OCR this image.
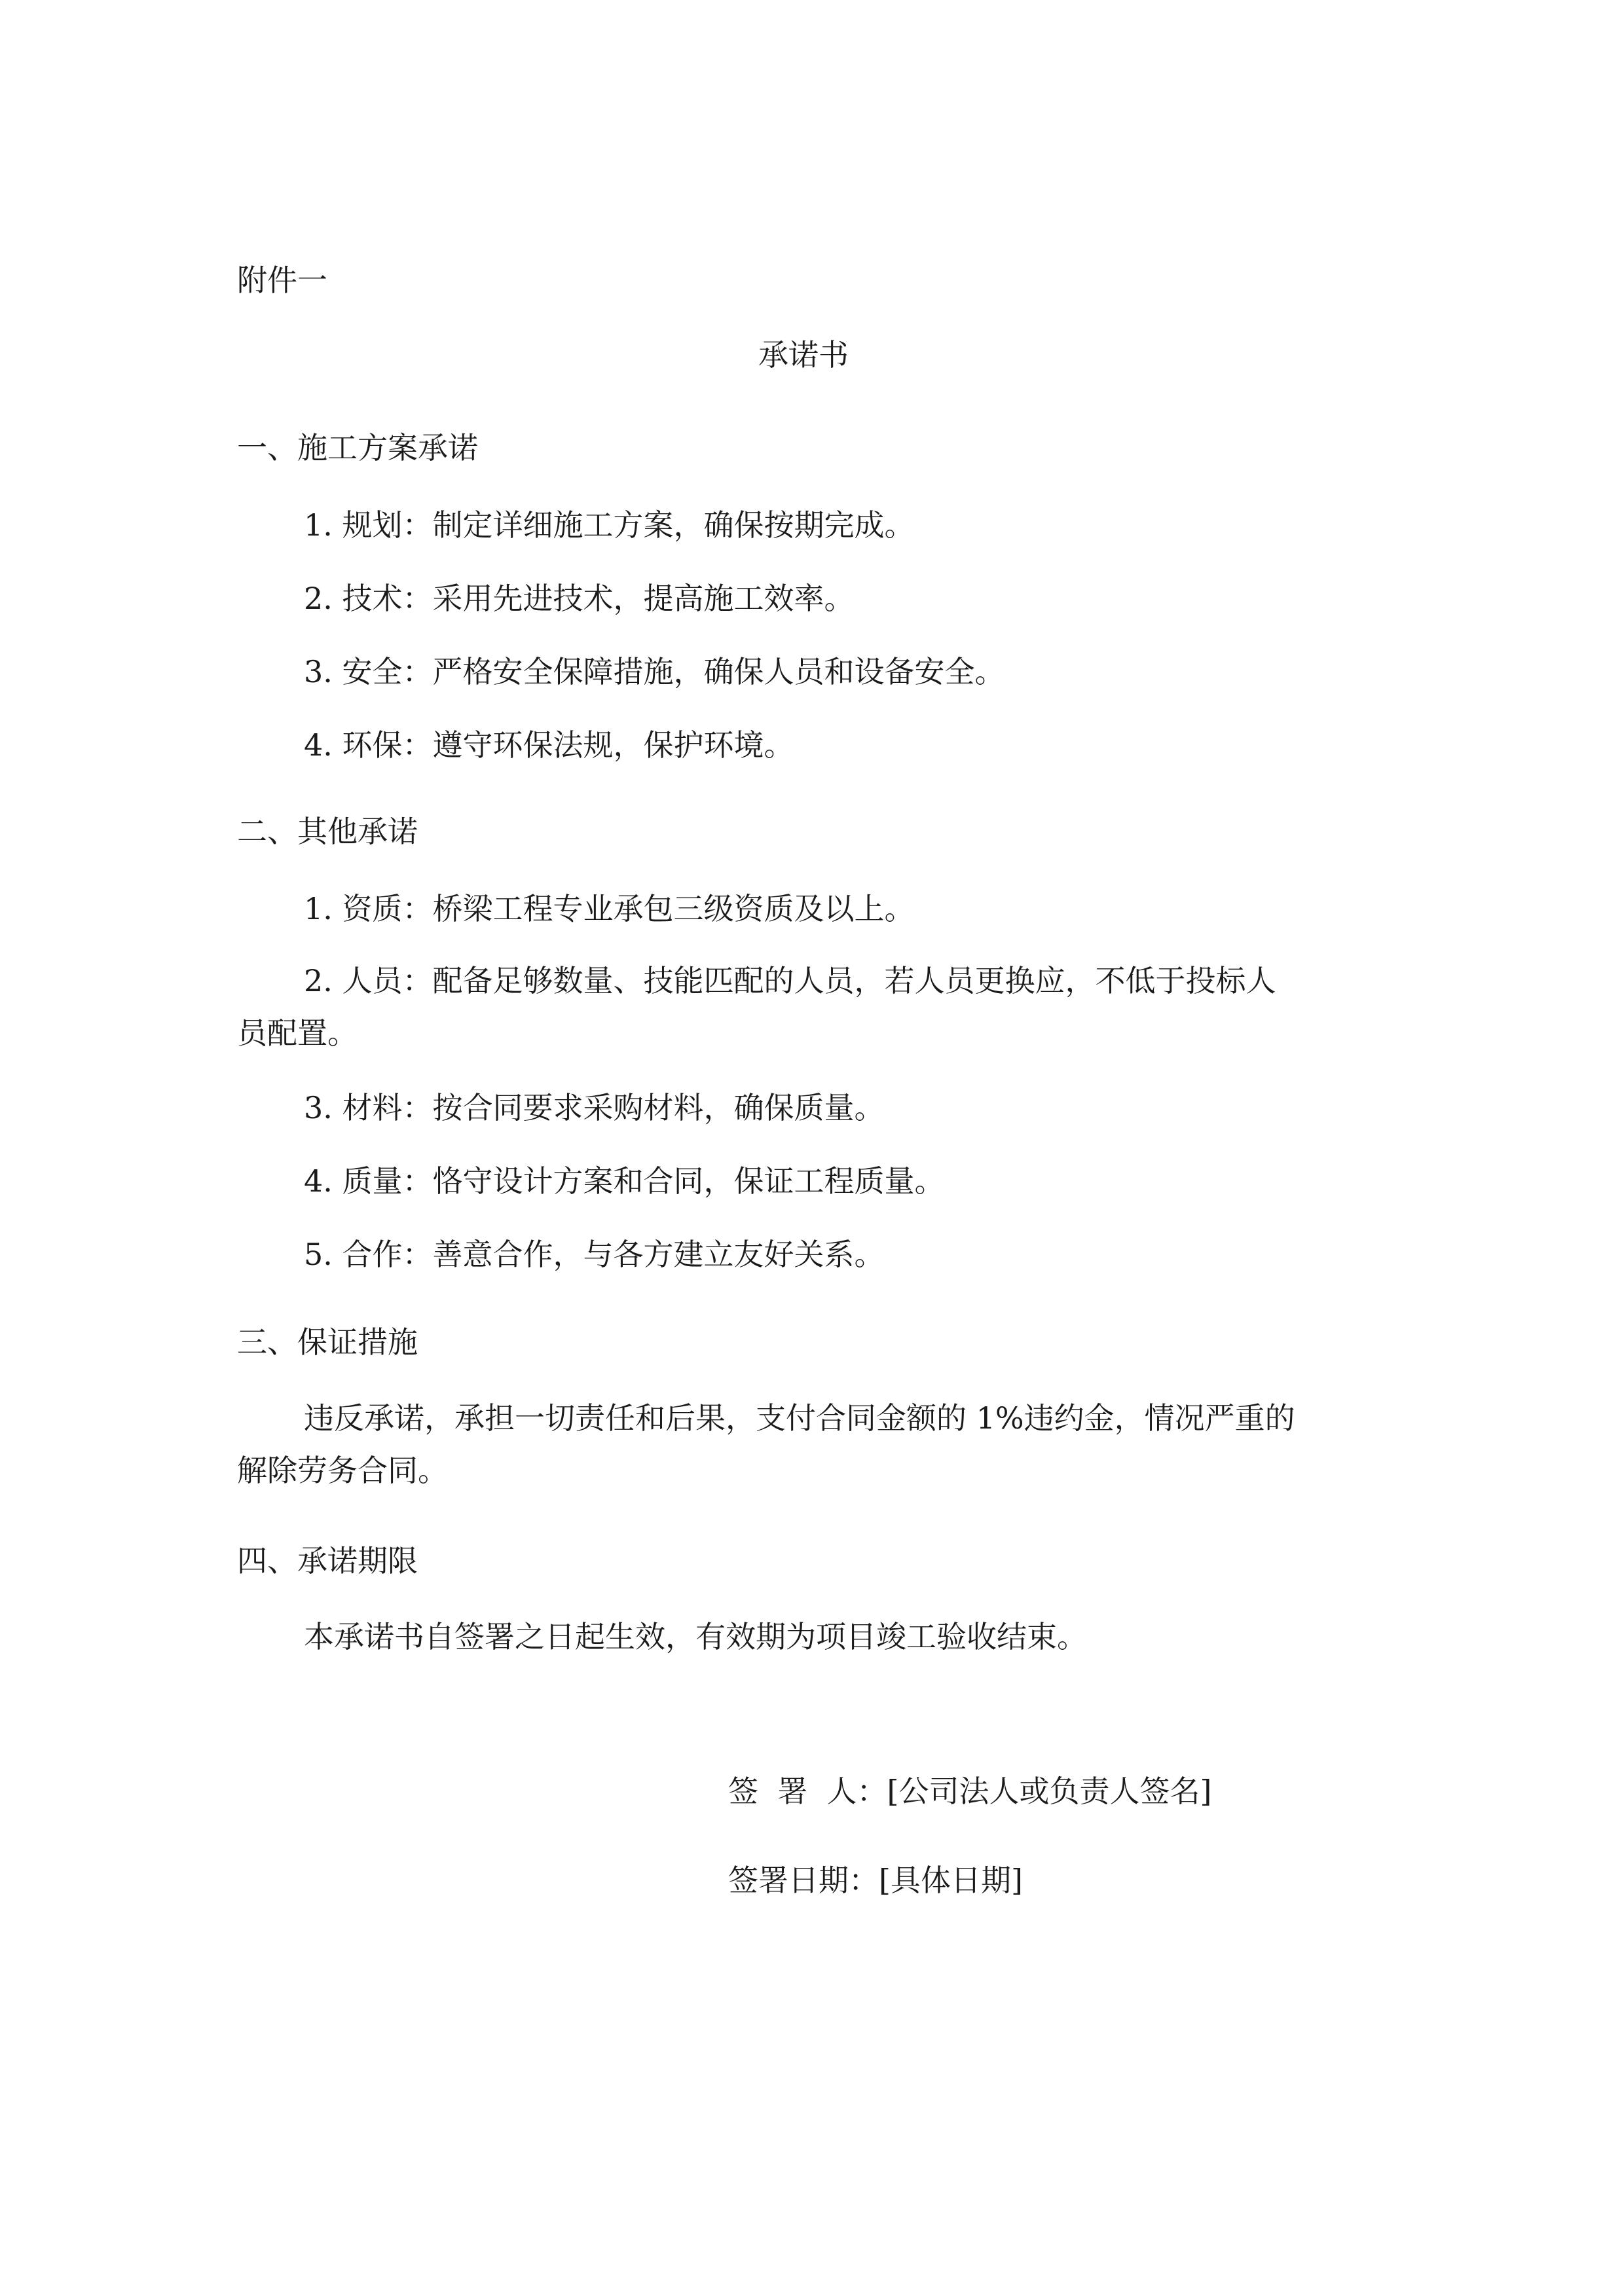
附件一

承诺书

一、施工方案承诺

1. 规划：制定详细施工方案，确保按期完成。

2. 技术：采用先进技术，提高施工效率。

3. 安全：严格安全保障措施，确保人员和设备安全。

4. 环保：遵守环保法规，保护环境。

二、其他承诺

1. 资质：桥梁工程专业承包三级资质及以上。

2. 人员：配备足够数量、技能匹配的人员，若人员更换应，不低于投标人

员配置。

3. 材料：按合同要求采购材料，确保质量。

4. 质量：恪守设计方案和合同，保证工程质量。

5. 合作：善意合作，与各方建立友好关系。

三、保证措施

违反承诺，承担一切责任和后果，支付合同金额的 1%违约金，情况严重的

解除劳务合同。

四、承诺期限

本承诺书自签署之日起生效，有效期为项目竣工验收结束。

签  署  人：[公司法人或负责人签名]

签署日期：[具体日期]
